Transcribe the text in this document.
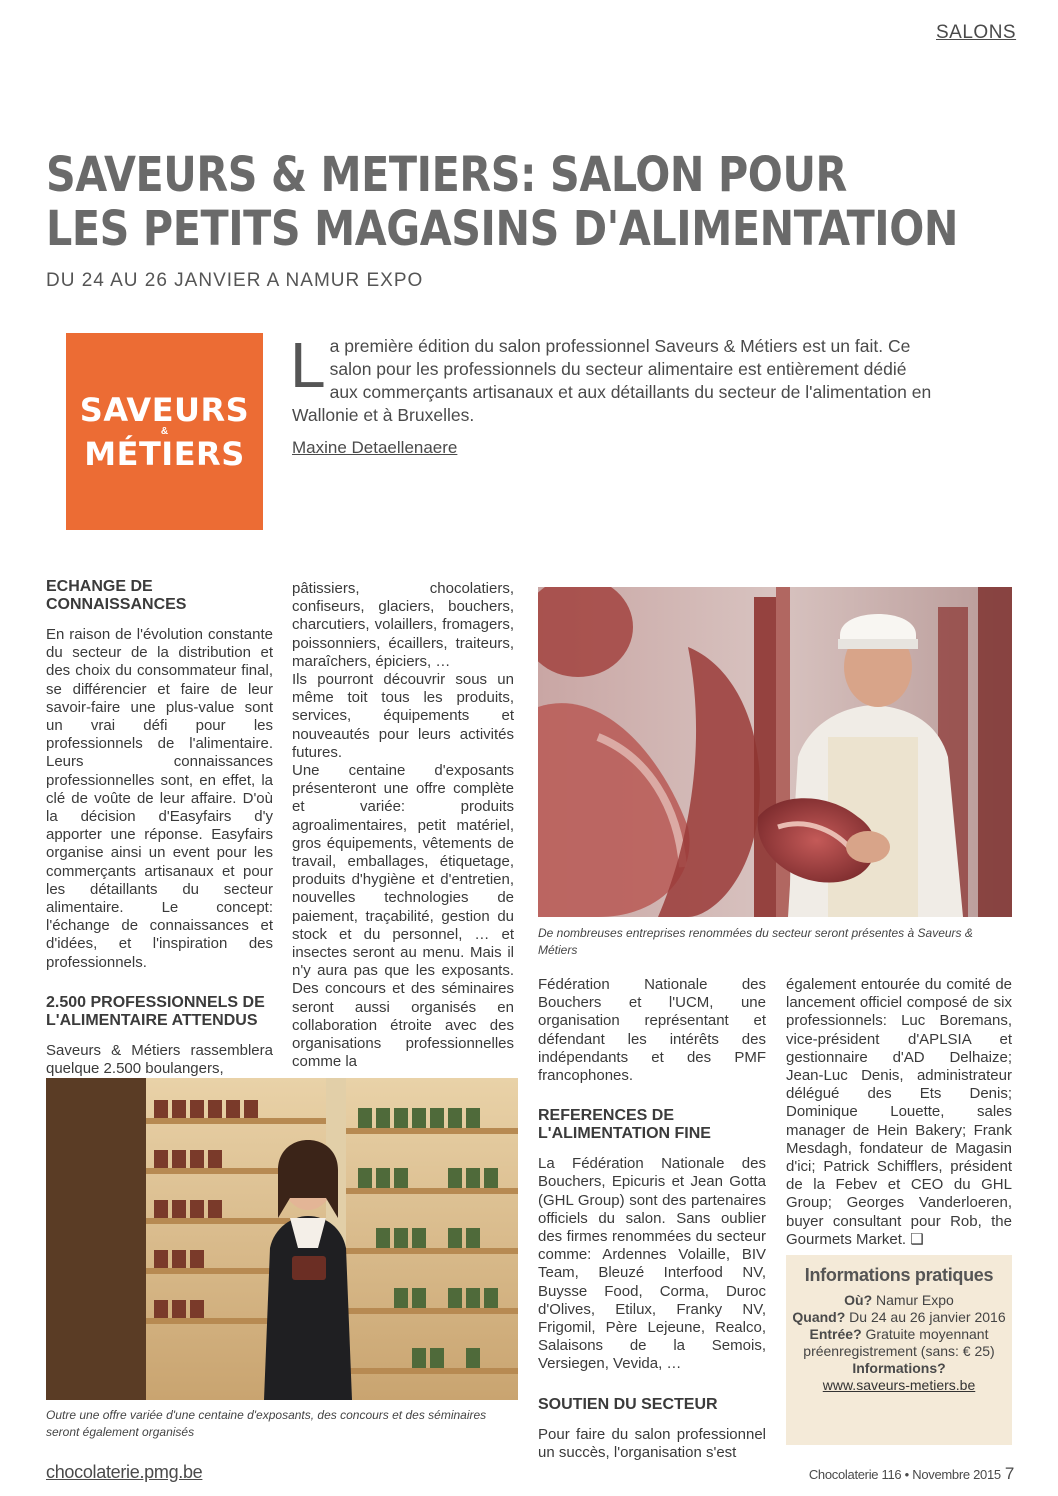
SALONS
SAVEURS & METIERS: SALON POUR
LES PETITS MAGASINS D'ALIMENTATION
DU 24 AU 26 JANVIER A NAMUR EXPO
SAVEURS
&
MÉTIERS
La première édition du salon professionnel Saveurs & Métiers est un fait. Ce salon pour les professionnels du secteur alimentaire est entièrement dédié aux commerçants artisanaux et aux détaillants du secteur de l'alimentation en Wallonie et à Bruxelles.
Maxine Detaellenaere
ECHANGE DE CONNAISSANCES

En raison de l'évolution constante du secteur de la distribution et des choix du consommateur final, se différencier et faire de leur savoir-faire une plus-value sont un vrai défi pour les professionnels de l'alimentaire. Leurs connaissances professionnelles sont, en effet, la clé de voûte de leur affaire. D'où la décision d'Easyfairs d'y apporter une réponse. Easyfairs organise ainsi un event pour les commerçants artisanaux et pour les détaillants du secteur alimentaire. Le concept: l'échange de connaissances et d'idées, et l'inspiration des professionnels.

2.500 PROFESSIONNELS DE L'ALIMENTAIRE ATTENDUS

Saveurs & Métiers rassemblera quelque 2.500 boulangers,

pâtissiers, chocolatiers, confiseurs, glaciers, bouchers, charcutiers, volaillers, fromagers, poissonniers, écaillers, traiteurs, maraîchers, épiciers, …

Ils pourront découvrir sous un même toit tous les produits, services, équipements et nouveautés pour leurs activités futures.

Une centaine d'exposants présenteront une offre complète et variée: produits agroalimentaires, petit matériel, gros équipements, vêtements de travail, emballages, étiquetage, produits d'hygiène et d'entretien, nouvelles technologies de paiement, traçabilité, gestion du stock et du personnel, … et insectes seront au menu. Mais il n'y aura pas que les exposants. Des concours et des séminaires seront aussi organisés en collaboration étroite avec des organisations professionnelles comme la

De nombreuses entreprises renommées du secteur seront présentes à Saveurs & Métiers

Fédération Nationale des Bouchers et l'UCM, une organisation représentant et défendant les intérêts des indépendants et des PMF francophones.

REFERENCES DE L'ALIMENTATION FINE

La Fédération Nationale des Bouchers, Epicuris et Jean Gotta (GHL Group) sont des partenaires officiels du salon. Sans oublier des firmes renommées du secteur comme: Ardennes Volaille, BIV Team, Bleuzé Interfood NV, Buysse Food, Corma, Duroc d'Olives, Etilux, Franky NV, Frigomil, Père Lejeune, Realco, Salaisons de la Semois, Versiegen, Vevida, …

SOUTIEN DU SECTEUR

Pour faire du salon professionnel un succès, l'organisation s'est

également entourée du comité de lancement officiel composé de six professionnels: Luc Boremans, vice-président d'APLSIA et gestionnaire d'AD Delhaize; Jean-Luc Denis, administrateur délégué des Ets Denis; Dominique Louette, sales manager de Hein Bakery; Frank Mesdagh, fondateur de Magasin d'ici; Patrick Schifflers, président de la Febev et CEO du GHL Group; Georges Vanderloeren, buyer consultant pour Rob, the Gourmets Market. ❑

Informations pratiques
Où? Namur Expo
Quand? Du 24 au 26 janvier 2016
Entrée? Gratuite moyennant préenregistrement (sans: € 25)
Informations?
www.saveurs-metiers.be
Outre une offre variée d'une centaine d'exposants, des concours et des séminaires seront également organisés
chocolaterie.pmg.be	Chocolaterie 116 • Novembre 2015 7
